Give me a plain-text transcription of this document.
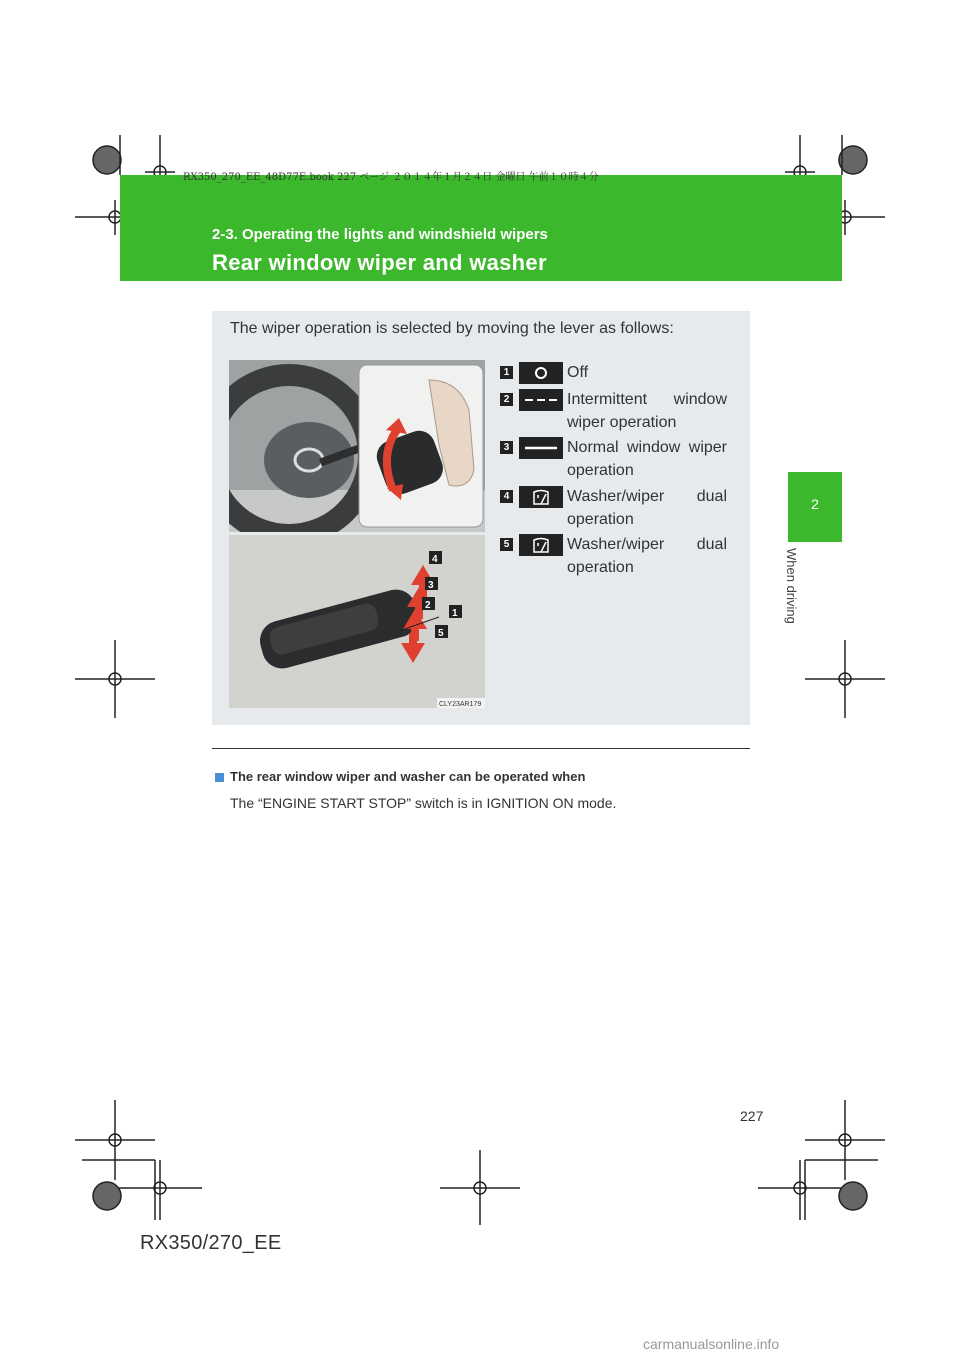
RX350_270_EE_48D77E.book 227 ページ ２０１４年１月２４日 金曜日 午前１０時４分
2-3. Operating the lights and windshield wipers
Rear window wiper and washer
2
When driving
The wiper operation is selected by moving the lever as follows:
4
3
2
1
5
CLY23AR179
1	Off
2	Intermittent window wiper operation
3	Normal window wiper operation
4	Washer/wiper dual operation
5	Washer/wiper dual operation
The rear window wiper and washer can be operated when
The “ENGINE START STOP” switch is in IGNITION ON mode.
227
RX350/270_EE
carmanualsonline.info
